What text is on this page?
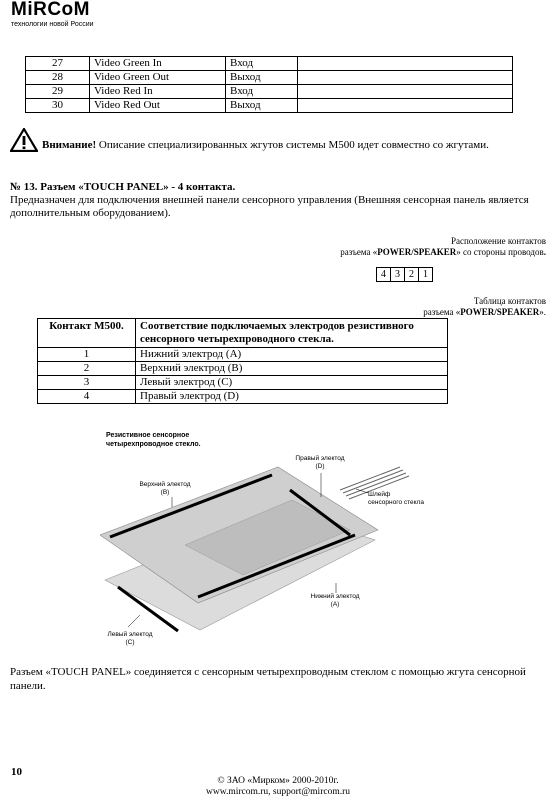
MiRCoM
технологии новой России
27	Video Green In	Вход	
28	Video Green Out	Выход	
29	Video Red In	Вход	
30	Video Red Out	Выход	
Внимание! Описание специализированных жгутов системы М500 идет совместно со жгутами.
№ 13. Разъем «TOUCH PANEL» - 4 контакта.
Предназначен для подключения внешней панели сенсорного управления (Внешняя сенсорная панель является дополнительным оборудованием).
Расположение контактов
разъема «POWER/SPEAKER» со стороны проводов.
4	3	2	1
Таблица контактов
разъема «POWER/SPEAKER».
Контакт М500.	Соответствие подключаемых электродов резистивного сенсорного четырехпроводного стекла.
1	Нижний электрод (A)
2	Верхний электрод (B)
3	Левый электрод (C)
4	Правый электрод (D)
Резистивное сенсорное
четырехпроводное стекло.
Правый электод
(D)
Верхний электод
(B)	Шлейф
сенсорного стекла
Нижний электод
(A)
Левый электод
(C)
Разъем «TOUCH PANEL» соединяется с сенсорным четырехпроводным стеклом с помощью жгута сенсорной панели.
10
© ЗАО «Мирком» 2000-2010г.
www.mircom.ru, support@mircom.ru
